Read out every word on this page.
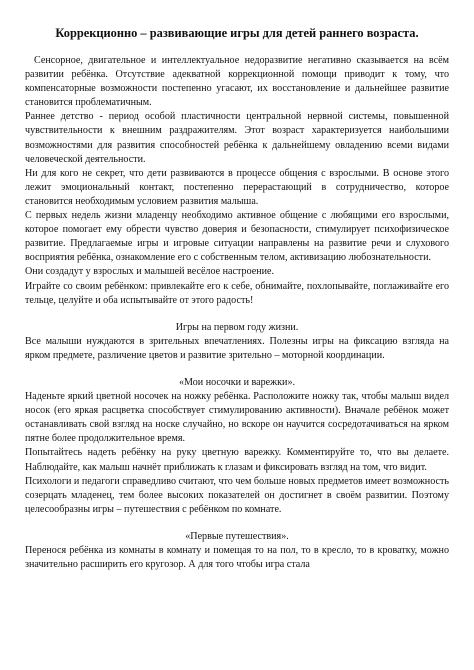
Коррекционно – развивающие игры для детей раннего возраста.

Сенсорное, двигательное и интеллектуальное недоразвитие негативно сказывается на всём развитии ребёнка. Отсутствие адекватной коррекционной помощи приводит к тому, что компенсаторные возможности постепенно угасают, их восстановление и дальнейшее развитие становится проблематичным.

Раннее детство - период особой пластичности центральной нервной системы, повышенной чувствительности к внешним раздражителям. Этот возраст характеризуется наибольшими возможностями для развития способностей ребёнка к дальнейшему овладению всеми видами человеческой деятельности.

Ни для кого не секрет, что дети развиваются в процессе общения с взрослыми. В основе этого лежит эмоциональный контакт, постепенно перерастающий в сотрудничество, которое становится необходимым условием развития малыша.

С первых недель жизни младенцу необходимо активное общение с любящими его взрослыми, которое помогает ему обрести чувство доверия и безопасности, стимулирует психофизическое развитие. Предлагаемые игры и игровые ситуации направлены на развитие речи и слухового восприятия ребёнка, ознакомление его с собственным телом, активизацию любознательности.

Они создадут у взрослых и малышей весёлое настроение.

Играйте со своим ребёнком: привлекайте его к себе, обнимайте, похлопывайте, поглаживайте его тельце, целуйте и оба испытывайте от этого радость!

Игры на первом году жизни.

Все малыши нуждаются в зрительных впечатлениях. Полезны игры на фиксацию взгляда на ярком предмете, различение цветов и развитие зрительно – моторной координации.

«Мои носочки и варежки».

Наденьте яркий цветной носочек на ножку ребёнка. Расположите ножку так, чтобы малыш видел носок (его яркая расцветка способствует стимулированию активности). Вначале ребёнок может останавливать свой взгляд на носке случайно, но вскоре он научится сосредотачиваться на ярком пятне более продолжительное время.

Попытайтесь надеть ребёнку на руку цветную варежку. Комментируйте то, что вы делаете. Наблюдайте, как малыш начнёт приближать к глазам и фиксировать взгляд на том, что видит.

Психологи и педагоги справедливо считают, что чем больше новых предметов имеет возможность созерцать младенец, тем более высоких показателей он достигнет в своём развитии. Поэтому целесообразны игры – путешествия с ребёнком по комнате.

«Первые путешествия».

Перенося ребёнка из комнаты в комнату и помещая то на пол, то в кресло, то в кроватку, можно значительно расширить его кругозор. А для того чтобы игра стала
